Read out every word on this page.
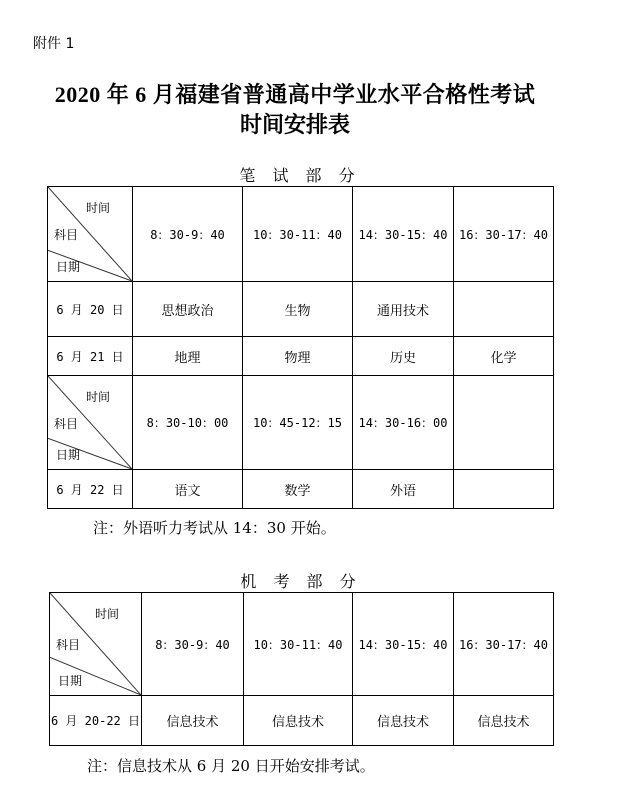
附件 1
2020 年 6 月福建省普通高中学业水平合格性考试
时间安排表
笔 试 部 分
时间
科目
日期	8：30-9：40	10：30-11：40	14：30-15：40	16：30-17：40
6 月 20 日	思想政治	生物	通用技术	
6 月 21 日	地理	物理	历史	化学

时间
科目
日期	8：30-10：00	10：45-12：15	14：30-16：00	
6 月 22 日	语文	数学	外语	
注：外语听力考试从 14：30 开始。
机 考 部 分
时间
科目
日期	8：30-9：40	10：30-11：40	14：30-15：40	16：30-17：40
6 月 20-22 日	信息技术	信息技术	信息技术	信息技术
注：信息技术从 6 月 20 日开始安排考试。
